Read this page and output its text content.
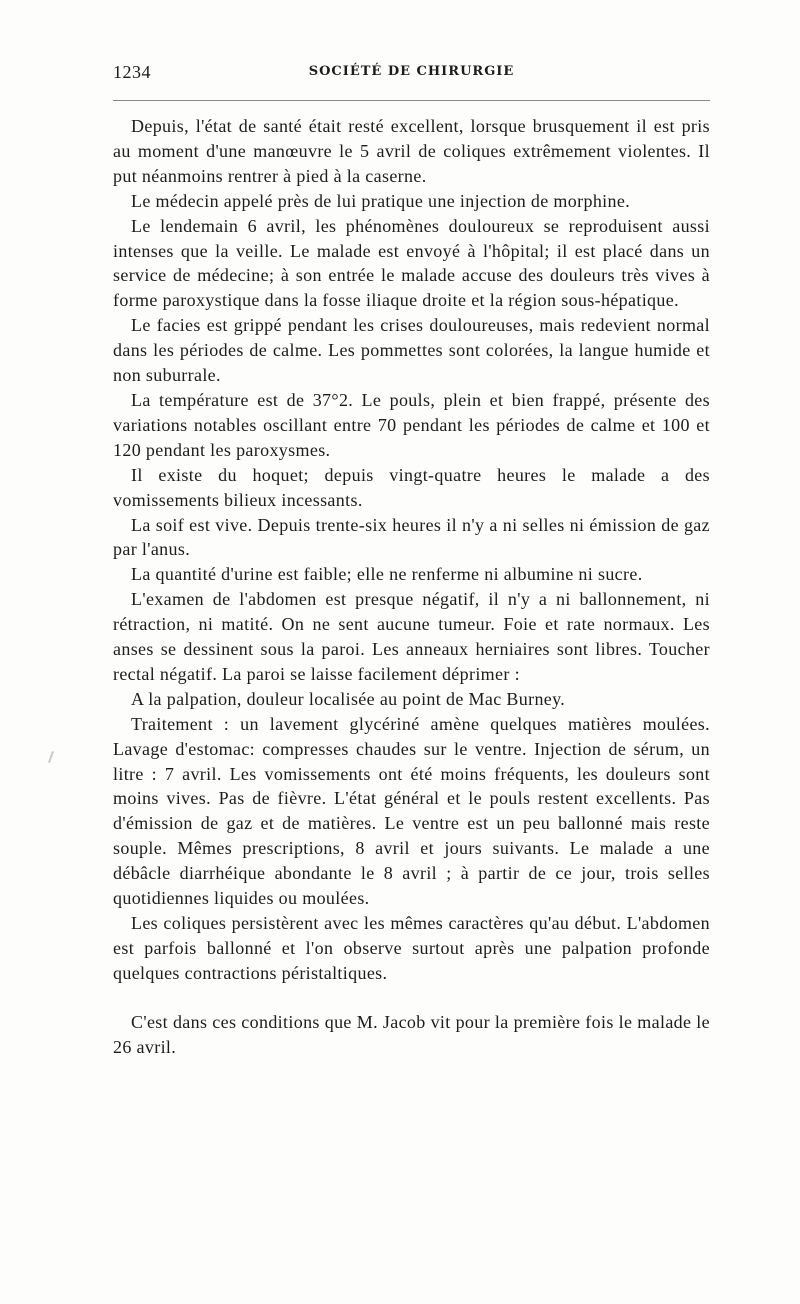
1234	SOCIÉTÉ DE CHIRURGIE

Depuis, l'état de santé était resté excellent, lorsque brusquement il est pris au moment d'une manœuvre le 5 avril de coliques extrêmement violentes. Il put néanmoins rentrer à pied à la caserne.

Le médecin appelé près de lui pratique une injection de morphine.

Le lendemain 6 avril, les phénomènes douloureux se reproduisent aussi intenses que la veille. Le malade est envoyé à l'hôpital; il est placé dans un service de médecine; à son entrée le malade accuse des douleurs très vives à forme paroxystique dans la fosse iliaque droite et la région sous-hépatique.

Le facies est grippé pendant les crises douloureuses, mais redevient normal dans les périodes de calme. Les pommettes sont colorées, la langue humide et non suburrale.

La température est de 37°2. Le pouls, plein et bien frappé, présente des variations notables oscillant entre 70 pendant les périodes de calme et 100 et 120 pendant les paroxysmes.

Il existe du hoquet; depuis vingt-quatre heures le malade a des vomissements bilieux incessants.

La soif est vive. Depuis trente-six heures il n'y a ni selles ni émission de gaz par l'anus.

La quantité d'urine est faible; elle ne renferme ni albumine ni sucre.

L'examen de l'abdomen est presque négatif, il n'y a ni ballonnement, ni rétraction, ni matité. On ne sent aucune tumeur. Foie et rate normaux. Les anses se dessinent sous la paroi. Les anneaux herniaires sont libres. Toucher rectal négatif. La paroi se laisse facilement déprimer :

A la palpation, douleur localisée au point de Mac Burney.

Traitement : un lavement glycériné amène quelques matières moulées. Lavage d'estomac: compresses chaudes sur le ventre. Injection de sérum, un litre : 7 avril. Les vomissements ont été moins fréquents, les douleurs sont moins vives. Pas de fièvre. L'état général et le pouls restent excellents. Pas d'émission de gaz et de matières. Le ventre est un peu ballonné mais reste souple. Mêmes prescriptions, 8 avril et jours suivants. Le malade a une débâcle diarrhéique abondante le 8 avril ; à partir de ce jour, trois selles quotidiennes liquides ou moulées.

Les coliques persistèrent avec les mêmes caractères qu'au début. L'abdomen est parfois ballonné et l'on observe surtout après une palpation profonde quelques contractions péristaltiques.

C'est dans ces conditions que M. Jacob vit pour la première fois le malade le 26 avril.
